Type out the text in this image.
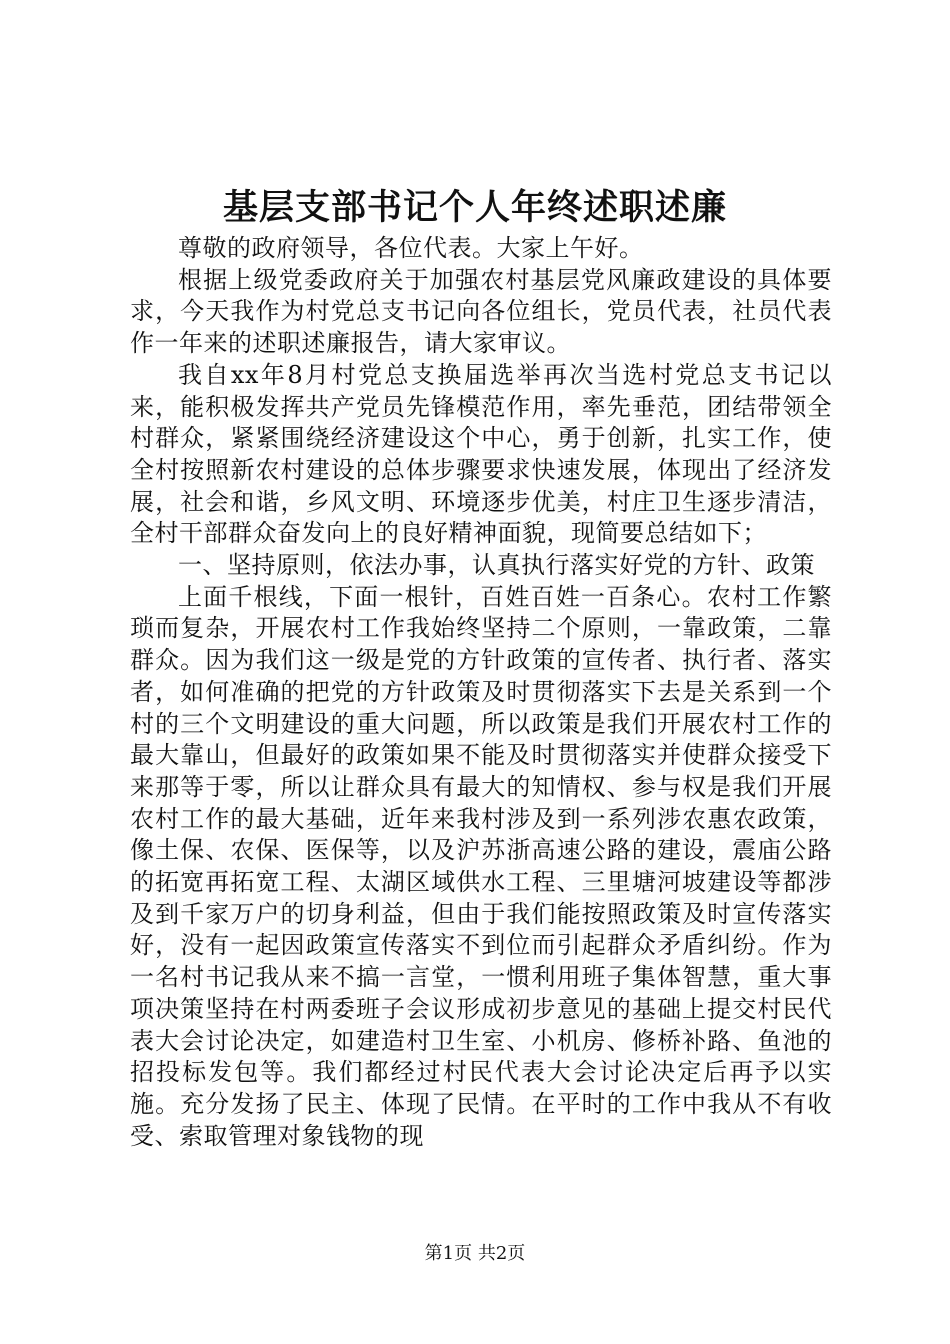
基层支部书记个人年终述职述廉

尊敬的政府领导，各位代表。大家上午好。

根据上级党委政府关于加强农村基层党风廉政建设的具体要求，今天我作为村党总支书记向各位组长，党员代表，社员代表作一年来的述职述廉报告，请大家审议。

我自xx年8月村党总支换届选举再次当选村党总支书记以来，能积极发挥共产党员先锋模范作用，率先垂范，团结带领全村群众，紧紧围绕经济建设这个中心，勇于创新，扎实工作，使全村按照新农村建设的总体步骤要求快速发展，体现出了经济发展，社会和谐，乡风文明、环境逐步优美，村庄卫生逐步清洁，全村干部群众奋发向上的良好精神面貌，现简要总结如下；

一、坚持原则，依法办事，认真执行落实好党的方针、政策

上面千根线，下面一根针，百姓百姓一百条心。农村工作繁琐而复杂，开展农村工作我始终坚持二个原则，一靠政策，二靠群众。因为我们这一级是党的方针政策的宣传者、执行者、落实者，如何准确的把党的方针政策及时贯彻落实下去是关系到一个村的三个文明建设的重大问题，所以政策是我们开展农村工作的最大靠山，但最好的政策如果不能及时贯彻落实并使群众接受下来那等于零，所以让群众具有最大的知情权、参与权是我们开展农村工作的最大基础，近年来我村涉及到一系列涉农惠农政策，像土保、农保、医保等，以及沪苏浙高速公路的建设，震庙公路的拓宽再拓宽工程、太湖区域供水工程、三里塘河坡建设等都涉及到千家万户的切身利益，但由于我们能按照政策及时宣传落实好，没有一起因政策宣传落实不到位而引起群众矛盾纠纷。作为一名村书记我从来不搞一言堂，一惯利用班子集体智慧，重大事项决策坚持在村两委班子会议形成初步意见的基础上提交村民代表大会讨论决定，如建造村卫生室、小机房、修桥补路、鱼池的招投标发包等。我们都经过村民代表大会讨论决定后再予以实施。充分发扬了民主、体现了民情。在平时的工作中我从不有收受、索取管理对象钱物的现

第1页 共2页
